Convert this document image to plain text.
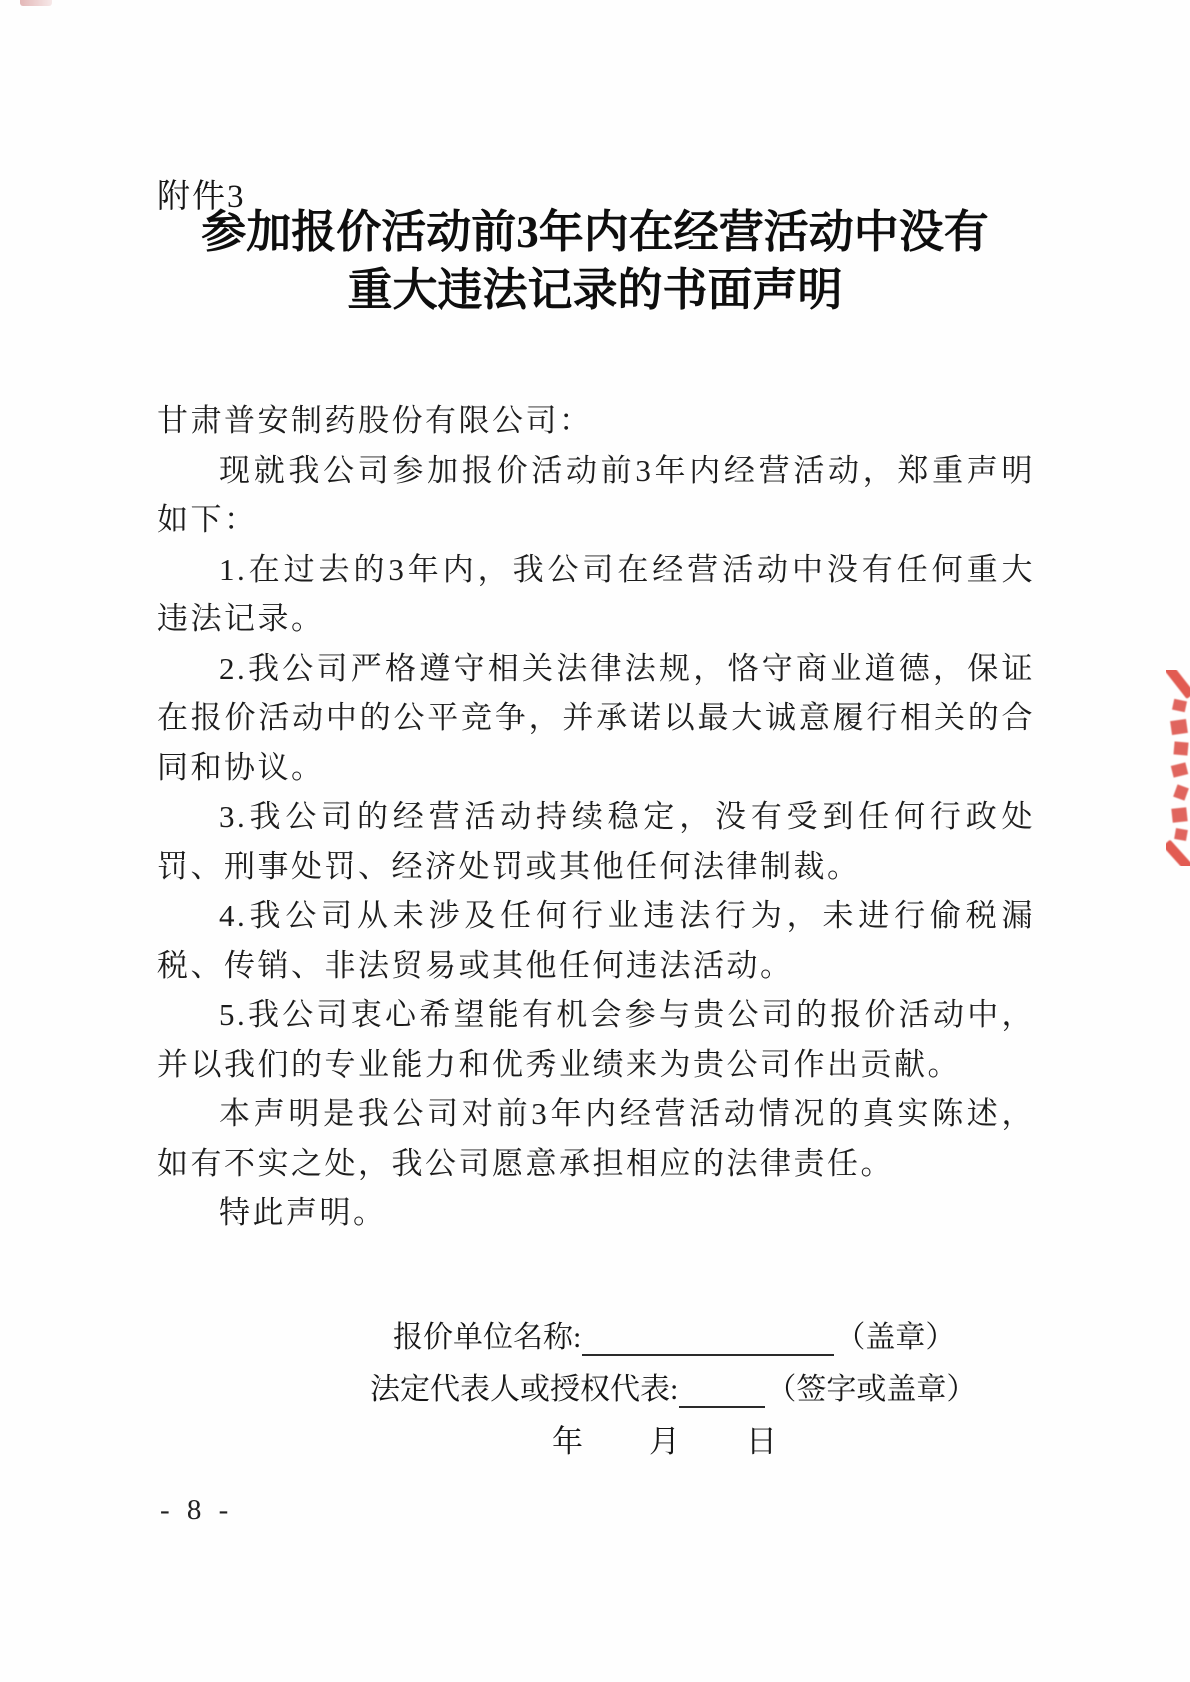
附件3
参加报价活动前3年内在经营活动中没有
重大违法记录的书面声明

甘肃普安制药股份有限公司：

现就我公司参加报价活动前3年内经营活动，郑重声明如下：

1.在过去的3年内，我公司在经营活动中没有任何重大违法记录。

2.我公司严格遵守相关法律法规，恪守商业道德，保证在报价活动中的公平竞争，并承诺以最大诚意履行相关的合同和协议。

3.我公司的经营活动持续稳定，没有受到任何行政处罚、刑事处罚、经济处罚或其他任何法律制裁。

4.我公司从未涉及任何行业违法行为，未进行偷税漏税、传销、非法贸易或其他任何违法活动。

5.我公司衷心希望能有机会参与贵公司的报价活动中，并以我们的专业能力和优秀业绩来为贵公司作出贡献。

本声明是我公司对前3年内经营活动情况的真实陈述，如有不实之处，我公司愿意承担相应的法律责任。

特此声明。

报价单位名称:	（盖章）
法定代表人或授权代表:	（签字或盖章）
年 月 日
- 8 -
